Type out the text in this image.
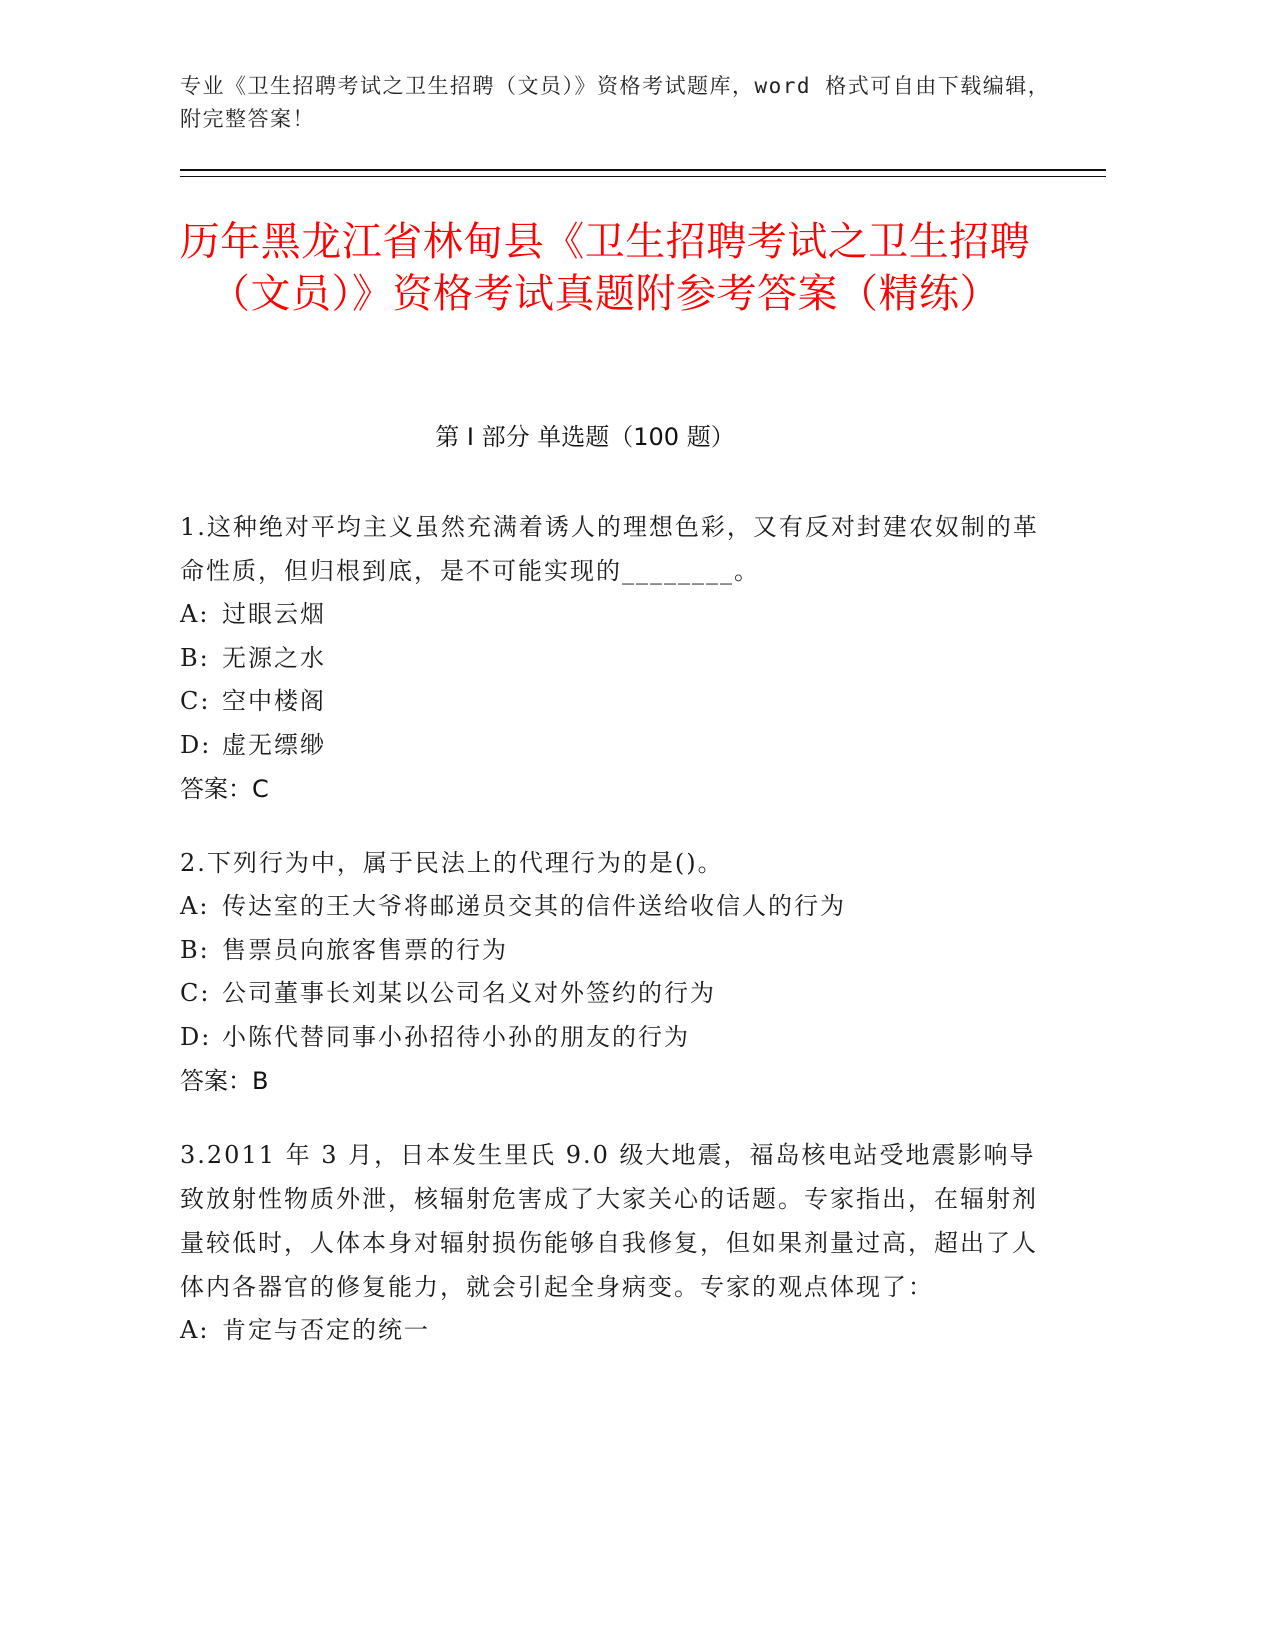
专业《卫生招聘考试之卫生招聘（文员）》资格考试题库，word 格式可自由下载编辑，附完整答案！
历年黑龙江省林甸县《卫生招聘考试之卫生招聘（文员）》资格考试真题附参考答案（精练）
第 I 部分 单选题（100 题）

1.这种绝对平均主义虽然充满着诱人的理想色彩，又有反对封建农奴制的革命性质，但归根到底，是不可能实现的________。

A: 过眼云烟
B: 无源之水
C: 空中楼阁
D: 虚无缥缈
答案：C

2.下列行为中，属于民法上的代理行为的是()。

A: 传达室的王大爷将邮递员交其的信件送给收信人的行为
B: 售票员向旅客售票的行为
C: 公司董事长刘某以公司名义对外签约的行为
D: 小陈代替同事小孙招待小孙的朋友的行为
答案：B

3.2011 年 3 月，日本发生里氏 9.0 级大地震，福岛核电站受地震影响导致放射性物质外泄，核辐射危害成了大家关心的话题。专家指出，在辐射剂量较低时，人体本身对辐射损伤能够自我修复，但如果剂量过高，超出了人体内各器官的修复能力，就会引起全身病变。专家的观点体现了：

A: 肯定与否定的统一
